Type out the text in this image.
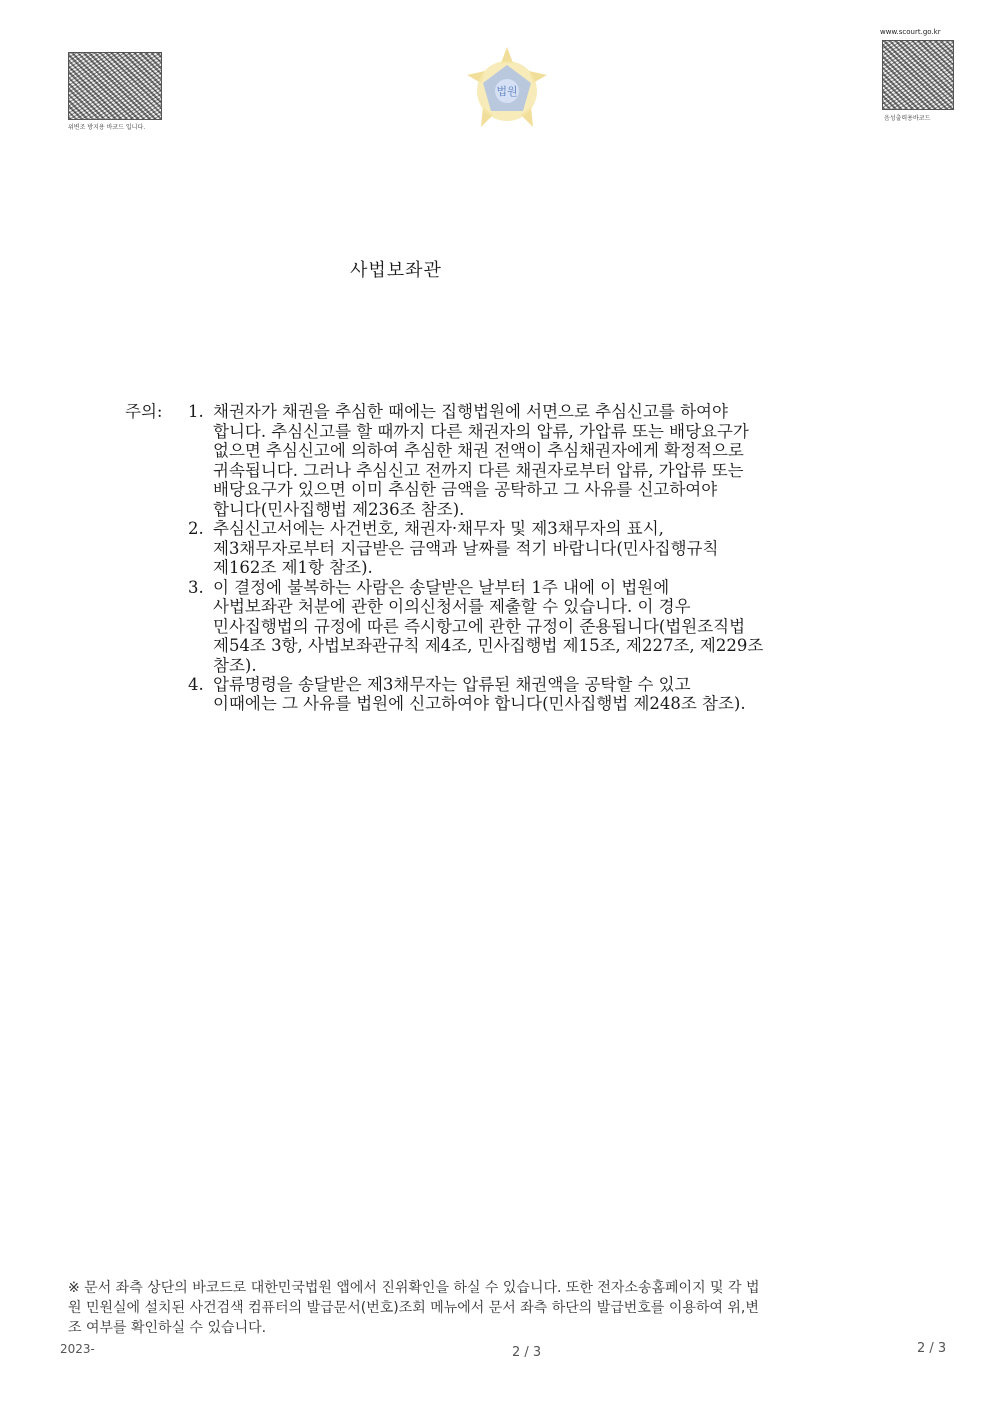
위변조 방지용 바코드 입니다.
법원
www.scourt.go.kr
음성출력용바코드
사법보좌관
주의: 1. 채권자가 채권을 추심한 때에는 집행법원에 서면으로 추심신고를 하여야
합니다. 추심신고를 할 때까지 다른 채권자의 압류, 가압류 또는 배당요구가
없으면 추심신고에 의하여 추심한 채권 전액이 추심채권자에게 확정적으로
귀속됩니다. 그러나 추심신고 전까지 다른 채권자로부터 압류, 가압류 또는
배당요구가 있으면 이미 추심한 금액을 공탁하고 그 사유를 신고하여야
합니다(민사집행법 제236조 참조).
2. 추심신고서에는 사건번호, 채권자·채무자 및 제3채무자의 표시,
제3채무자로부터 지급받은 금액과 날짜를 적기 바랍니다(민사집행규칙
제162조 제1항 참조).
3. 이 결정에 불복하는 사람은 송달받은 날부터 1주 내에 이 법원에
사법보좌관 처분에 관한 이의신청서를 제출할 수 있습니다. 이 경우
민사집행법의 규정에 따른 즉시항고에 관한 규정이 준용됩니다(법원조직법
제54조 3항, 사법보좌관규칙 제4조, 민사집행법 제15조, 제227조, 제229조
참조).
4. 압류명령을 송달받은 제3채무자는 압류된 채권액을 공탁할 수 있고
이때에는 그 사유를 법원에 신고하여야 합니다(민사집행법 제248조 참조).
※ 문서 좌측 상단의 바코드로 대한민국법원 앱에서 진위확인을 하실 수 있습니다. 또한 전자소송홈페이지 및 각 법
원 민원실에 설치된 사건검색 컴퓨터의 발급문서(번호)조회 메뉴에서 문서 좌측 하단의 발급번호를 이용하여 위,변
조 여부를 확인하실 수 있습니다.
2023-	2 / 3	2 / 3
